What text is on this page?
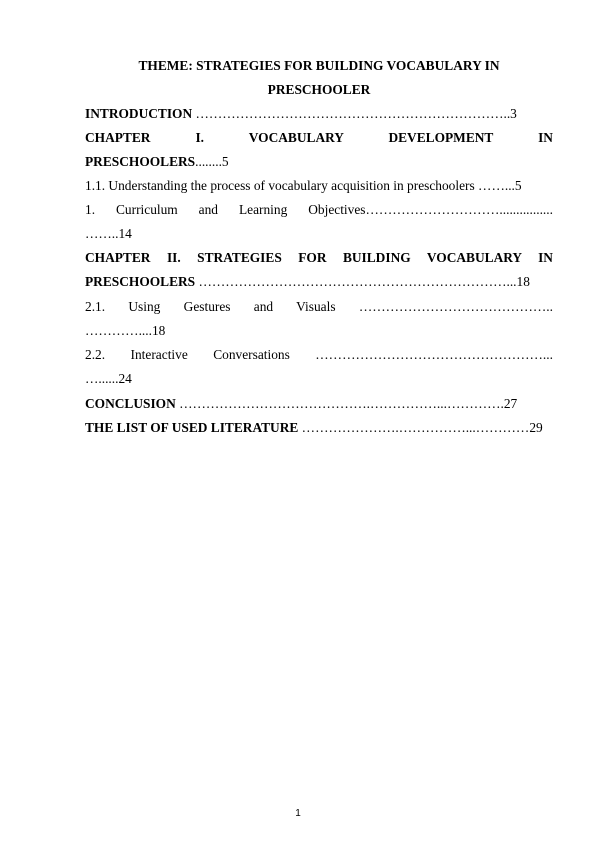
THEME: STRATEGIES FOR BUILDING VOCABULARY IN
PRESCHOOLER
INTRODUCTION ……………………………………………………………..3
CHAPTER	I.	VOCABULARY	DEVELOPMENT	IN
PRESCHOOLERS........5
1.1. Understanding the process of vocabulary acquisition in preschoolers ……...5
1. Curriculum and Learning Objectives…………………………................
……..14
CHAPTER II. STRATEGIES FOR BUILDING VOCABULARY IN
PRESCHOOLERS ……………………………………………………………...18
2.1. Using Gestures and Visuals ……………………………………..
…………....18
2.2. Interactive Conversations ……………………………………………...
…......24
CONCLUSION …………………………………….……………...………….27
THE LIST OF USED LITERATURE ………………….……………...…………29
1
